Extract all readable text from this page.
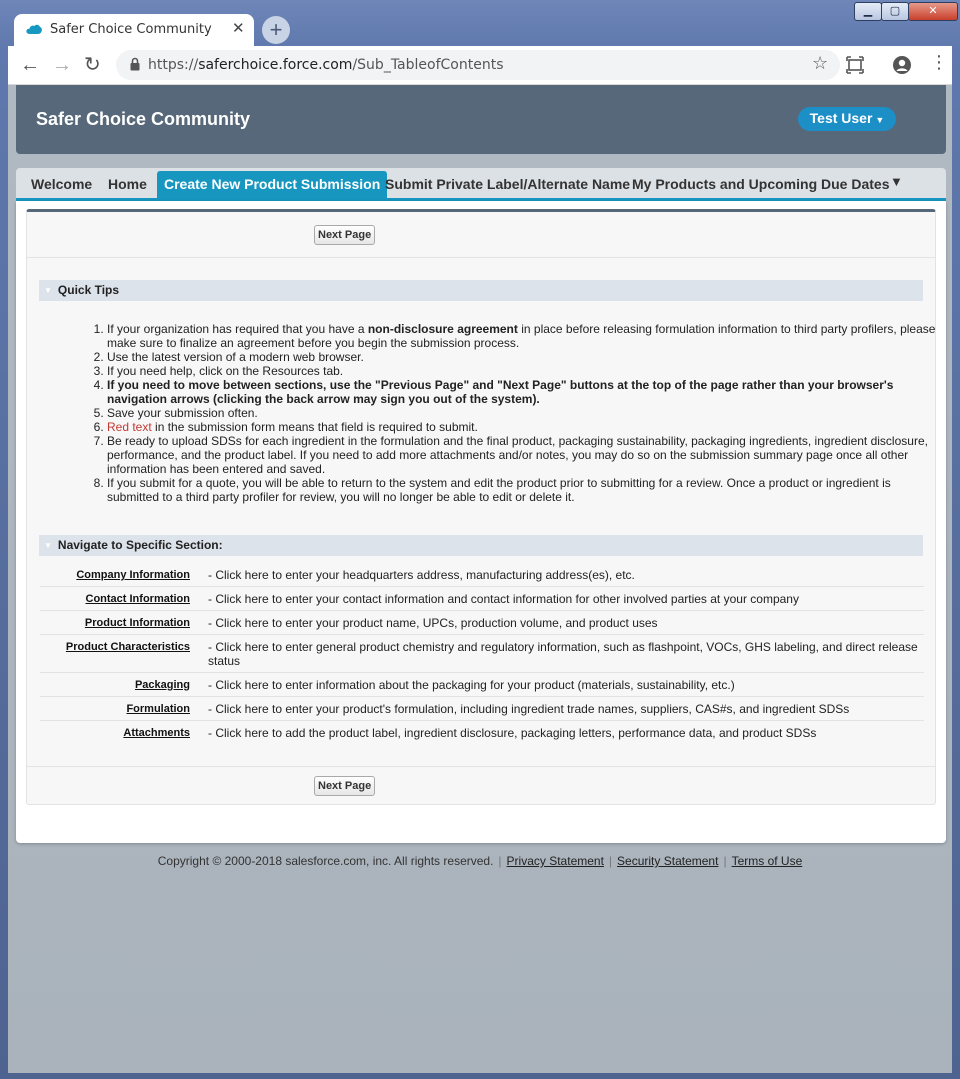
Safer Choice Community ✕	+
▁	▢	✕
← → ↻	https://saferchoice.force.com/Sub_TableofContents	☆	⋮
Safer Choice Community	Test User ▼
Welcome	Home	Create New Product Submission Submit Private Label/Alternate Name My Products and Upcoming Due Dates ▼
Next Page
▼ Quick Tips
1. If your organization has required that you have a non-disclosure agreement in place before releasing formulation information to third party profilers, please make sure to finalize an agreement before you begin the submission process.
2. Use the latest version of a modern web browser.
3. If you need help, click on the Resources tab.
4. If you need to move between sections, use the "Previous Page" and "Next Page" buttons at the top of the page rather than your browser's navigation arrows (clicking the back arrow may sign you out of the system).
5. Save your submission often.
6. Red text in the submission form means that field is required to submit.
7. Be ready to upload SDSs for each ingredient in the formulation and the final product, packaging sustainability, packaging ingredients, ingredient disclosure, performance, and the product label. If you need to add more attachments and/or notes, you may do so on the submission summary page once all other information has been entered and saved.
8. If you submit for a quote, you will be able to return to the system and edit the product prior to submitting for a review. Once a product or ingredient is submitted to a third party profiler for review, you will no longer be able to edit or delete it.
▼ Navigate to Specific Section:
Company Information - Click here to enter your headquarters address, manufacturing address(es), etc.
Contact Information - Click here to enter your contact information and contact information for other involved parties at your company
Product Information - Click here to enter your product name, UPCs, production volume, and product uses
Product Characteristics - Click here to enter general product chemistry and regulatory information, such as flashpoint, VOCs, GHS labeling, and direct release status
Packaging - Click here to enter information about the packaging for your product (materials, sustainability, etc.)
Formulation - Click here to enter your product's formulation, including ingredient trade names, suppliers, CAS#s, and ingredient SDSs
Attachments - Click here to add the product label, ingredient disclosure, packaging letters, performance data, and product SDSs
Next Page
Copyright © 2000-2018 salesforce.com, inc. All rights reserved. | Privacy Statement | Security Statement | Terms of Use
